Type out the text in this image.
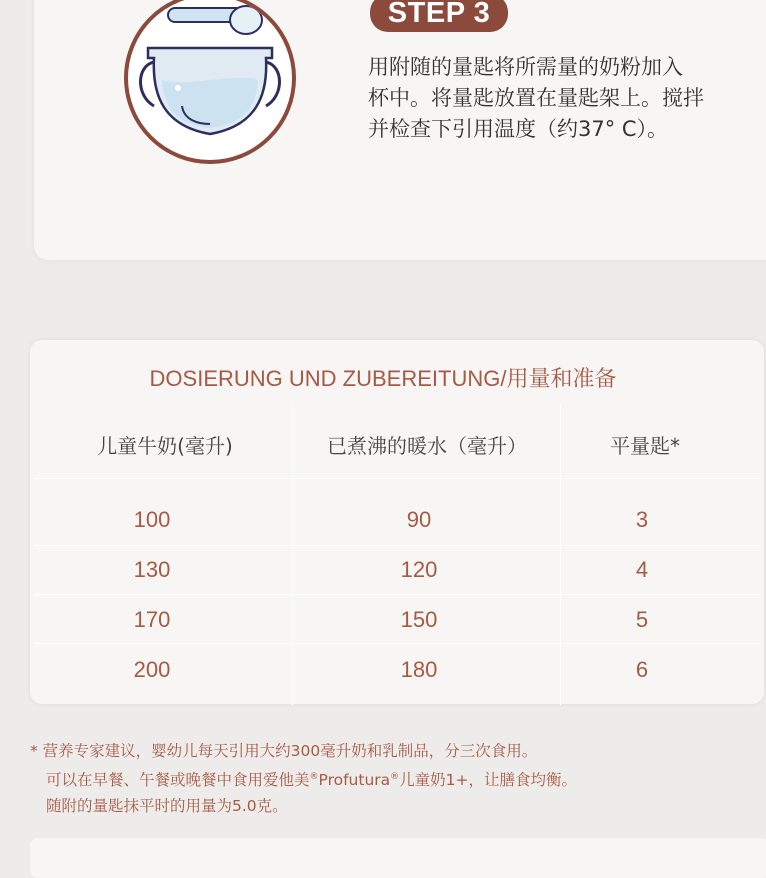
STEP 3
用附随的量匙将所需量的奶粉加入
杯中。将量匙放置在量匙架上。搅拌
并检查下引用温度（约37° C）。
DOSIERUNG UND ZUBEREITUNG/用量和准备
儿童牛奶(毫升)	已煮沸的暖水（毫升）	平量匙*
100	90	3
130	120	4
170	150	5
200	180	6
* 营养专家建议，婴幼儿每天引用大约300毫升奶和乳制品，分三次食用。
可以在早餐、午餐或晚餐中食用爱他美®Profutura®儿童奶1+，让膳食均衡。
随附的量匙抹平时的用量为5.0克。
